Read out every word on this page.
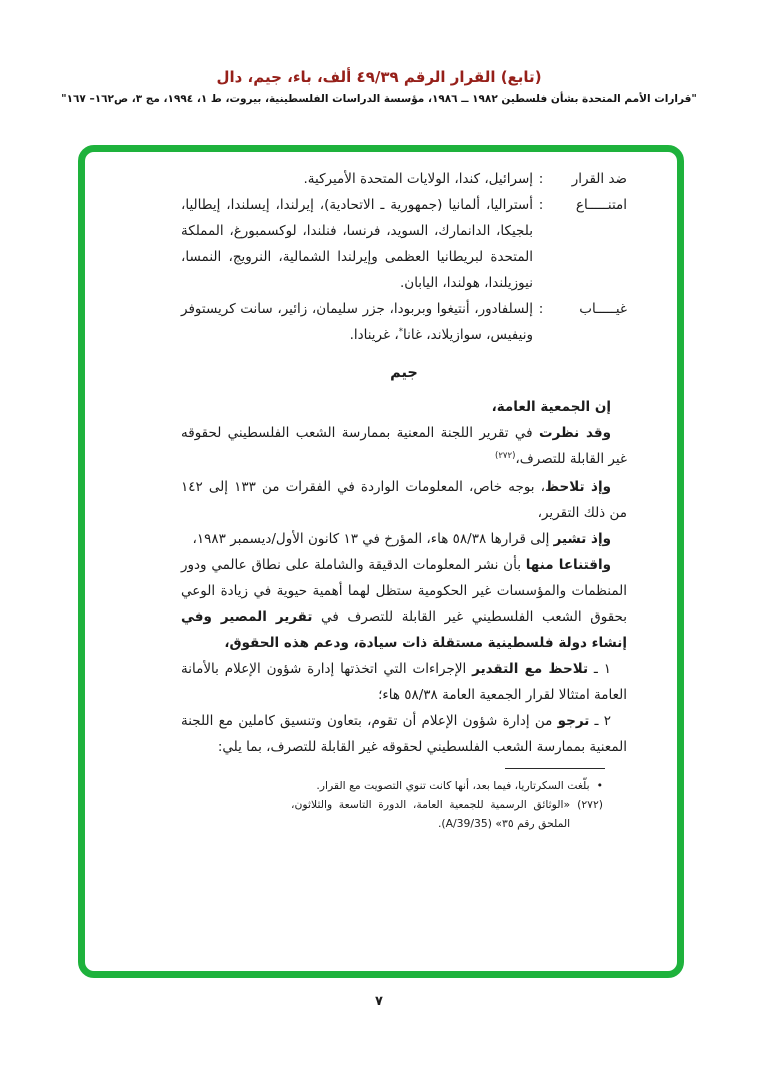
(تابع) القرار الرقم ٤٩/٣٩ ألف، باء، جيم، دال
"قرارات الأمم المتحدة بشأن فلسطين ١٩٨٢ ــ ١٩٨٦، مؤسسة الدراسات الفلسطينية، بيروت، ط ١، ١٩٩٤، مج ٣، ص١٦٢– ١٦٧"
ضد القرار
:
إسرائيل، كندا، الولايات المتحدة الأميركية.
امتنـــــاع
:
أستراليا، ألمانيا (جمهورية ـ الاتحادية)، إيرلندا، إيسلندا، إيطاليا، بلجيكا، الدانمارك، السويد، فرنسا، فنلندا، لوكسمبورغ، المملكة المتحدة لبريطانيا العظمى وإيرلندا الشمالية، النرويج، النمسا، نيوزيلندا، هولندا، اليابان.
غيـــــاب
:
إلسلفادور، أنتيغوا وبربودا، جزر سليمان، زائير، سانت كريستوفر ونيفيس، سوازيلاند، غانا*، غرينادا.
جيم

إن الجمعية العامة،

وقد نظرت في تقرير اللجنة المعنية بممارسة الشعب الفلسطيني لحقوقه غير القابلة للتصرف،$^{(٢٧٢)}$

وإذ تلاحظ، بوجه خاص، المعلومات الواردة في الفقرات من ١٣٣ إلى ١٤٢ من ذلك التقرير،

وإذ تشير إلى قرارها ٥٨/٣٨ هاء، المؤرخ في ١٣ كانون الأول/ديسمبر ١٩٨٣،

واقتناعا منها بأن نشر المعلومات الدقيقة والشاملة على نطاق عالمي ودور المنظمات والمؤسسات غير الحكومية ستظل لهما أهمية حيوية في زيادة الوعي بحقوق الشعب الفلسطيني غير القابلة للتصرف في تقرير المصير وفي إنشاء دولة فلسطينية مستقلة ذات سيادة، ودعم هذه الحقوق،

١ ـ تلاحظ مع التقدير الإجراءات التي اتخذتها إدارة شؤون الإعلام بالأمانة العامة امتثالا لقرار الجمعية العامة ٥٨/٣٨ هاء؛

٢ ـ ترجو من إدارة شؤون الإعلام أن تقوم، بتعاون وتنسيق كاملين مع اللجنة المعنية بممارسة الشعب الفلسطيني لحقوقه غير القابلة للتصرف، بما يلي:

•
بلّغت السكرتاريا، فيما بعد، أنها كانت تنوي التصويت مع القرار.
(٢٧٢)
«الوثائق الرسمية للجمعية العامة، الدورة التاسعة والثلاثون، الملحق رقم ٣٥» (A/39/35).
٧
